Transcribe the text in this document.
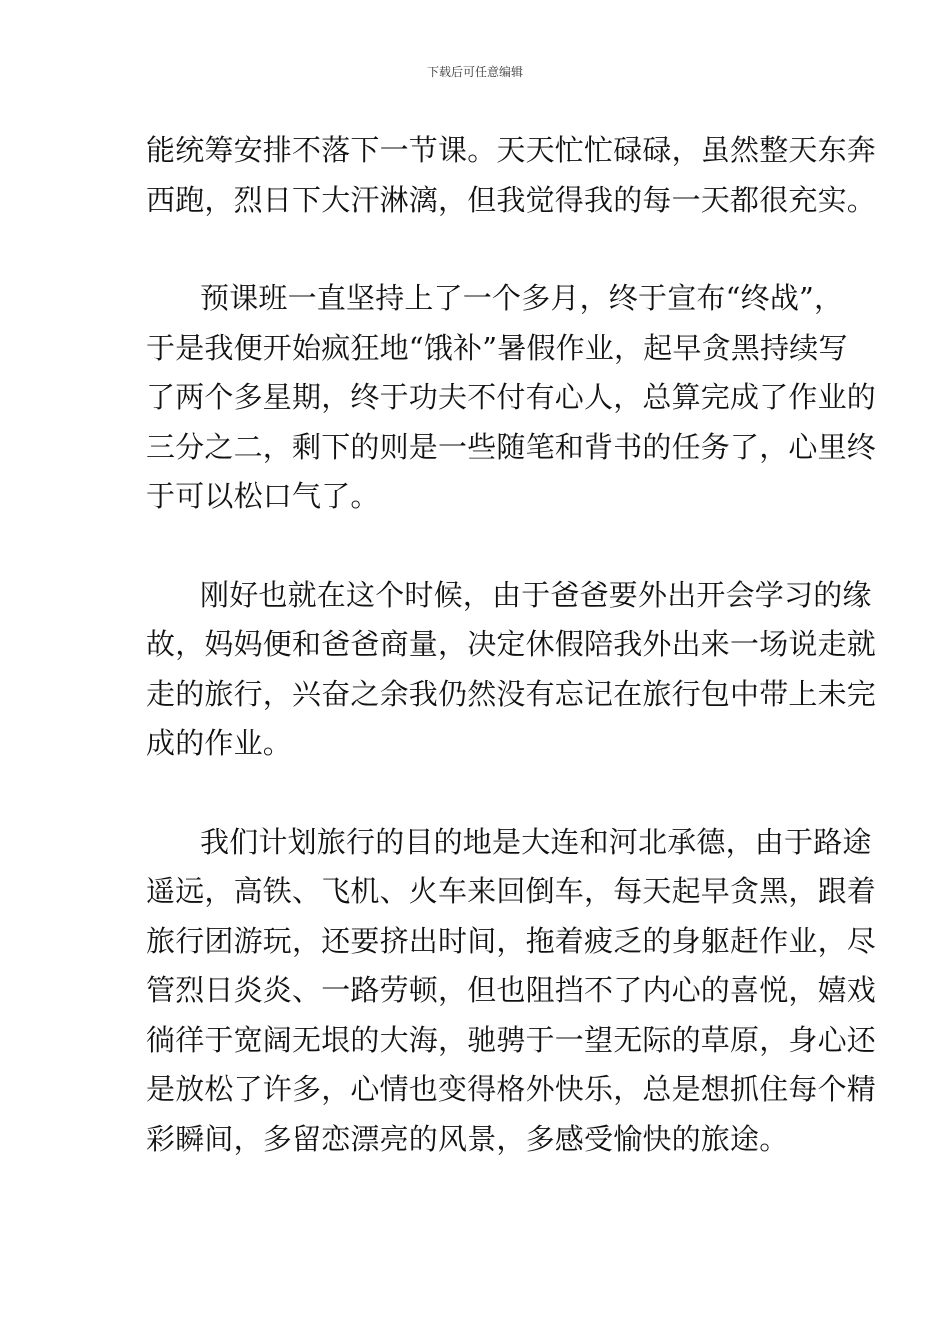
下载后可任意编辑
能统筹安排不落下一节课。天天忙忙碌碌，虽然整天东奔
西跑，烈日下大汗淋漓，但我觉得我的每一天都很充实。
预课班一直坚持上了一个多月，终于宣布“终战”，
于是我便开始疯狂地“饿补”暑假作业，起早贪黑持续写
了两个多星期，终于功夫不付有心人，总算完成了作业的
三分之二，剩下的则是一些随笔和背书的任务了，心里终
于可以松口气了。
刚好也就在这个时候，由于爸爸要外出开会学习的缘
故，妈妈便和爸爸商量，决定休假陪我外出来一场说走就
走的旅行，兴奋之余我仍然没有忘记在旅行包中带上未完
成的作业。
我们计划旅行的目的地是大连和河北承德，由于路途
遥远，高铁、飞机、火车来回倒车，每天起早贪黑，跟着
旅行团游玩，还要挤出时间，拖着疲乏的身躯赶作业，尽
管烈日炎炎、一路劳顿，但也阻挡不了内心的喜悦，嬉戏
徜徉于宽阔无垠的大海，驰骋于一望无际的草原，身心还
是放松了许多，心情也变得格外快乐，总是想抓住每个精
彩瞬间，多留恋漂亮的风景，多感受愉快的旅途。
